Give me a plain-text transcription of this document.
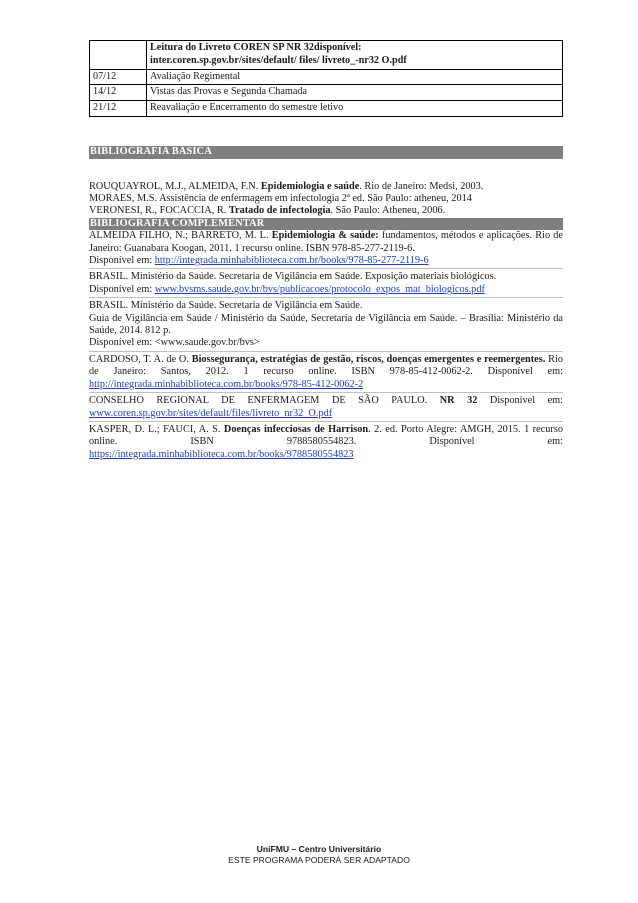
	Leitura do Livreto COREN SP NR 32disponível:
inter.coren.sp.gov.br/sites/default/ files/ livreto_-nr32 O.pdf

07/12	Avaliação Regimental
14/12	Vistas das Provas e Segunda Chamada
21/12	Reavaliação e Encerramento do semestre letivo
BIBLIOGRAFIA BÁSICA

ROUQUAYROL, M.J., ALMEIDA, F.N. Epidemiologia e saúde. Rio de Janeiro: Medsi, 2003.

MORAES, M.S. Assistência de enfermagem em infectologia 2ª ed. São Paulo: atheneu, 2014

VERONESI, R., FOCACCIA, R. Tratado de infectologia. São Paulo: Atheneu, 2006.

BIBLIOGRAFIA COMPLEMENTAR

ALMEIDA FILHO, N.; BARRETO, M. L. Epidemiologia & saúde: fundamentos, métodos e aplicações. Rio de Janeiro: Guanabara Koogan, 2011. 1 recurso online. ISBN 978-85-277-2119-6.
Disponível em: http://integrada.minhabiblioteca.com.br/books/978-85-277-2119-6

BRASIL. Ministério da Saúde. Secretaria de Vigilância em Saúde. Exposição materiais biológicos.
Disponível em: www.bvsms.saude.gov.br/bvs/publicacoes/protocolo_expos_mat_biologicos.pdf

BRASIL. Ministério da Saúde. Secretaria de Vigilância em Saúde.
Guia de Vigilância em Saúde / Ministério da Saúde, Secretaria de Vigilância em Saúde. – Brasília: Ministério da Saúde, 2014. 812 p.
Disponível em: <www.saude.gov.br/bvs>

CARDOSO, T. A. de O. Biossegurança, estratégias de gestão, riscos, doenças emergentes e reemergentes. Rio de Janeiro: Santos, 2012. 1 recurso online. ISBN 978-85-412-0062-2. Disponível em: http://integrada.minhabiblioteca.com.br/books/978-85-412-0062-2

CONSELHO REGIONAL DE ENFERMAGEM DE SÃO PAULO. NR 32 Disponível em:

www.coren.sp.gov.br/sites/default/files/livreto_nr32_O.pdf

KASPER, D. L.; FAUCI, A. S. Doenças infecciosas de Harrison. 2. ed. Porto Alegre: AMGH, 2015. 1 recurso online. ISBN 9788580554823. Disponível em:

https://integrada.minhabiblioteca.com.br/books/9788580554823

UniFMU – Centro Universitário
ESTE PROGRAMA PODERÁ SER ADAPTADO
